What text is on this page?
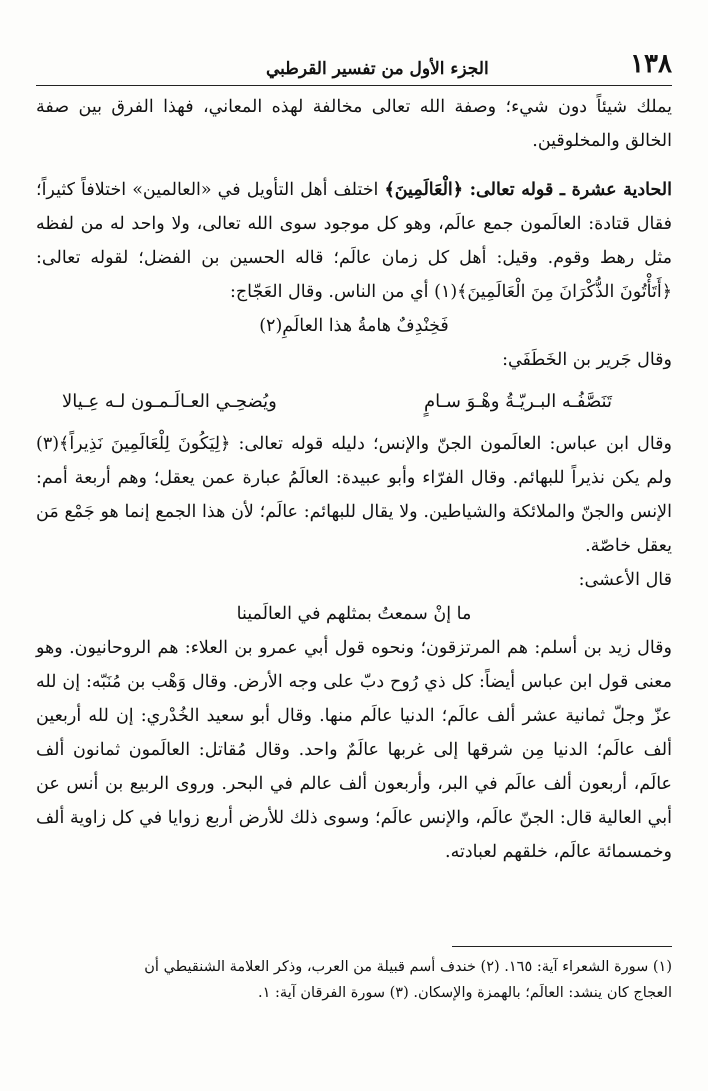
١٣٨
الجزء الأول من تفسير القرطبي

يملك شيئاً دون شيء؛ وصفة الله تعالى مخالفة لهذه المعاني، فهذا الفرق بين صفة الخالق والمخلوقين.

الحادية عشرة ـ قوله تعالى: ﴿الْعَالَمِينَ﴾ اختلف أهل التأويل في «العالمين» اختلافاً كثيراً؛ فقال قتادة: العالَمون جمع عالَم، وهو كل موجود سوى الله تعالى، ولا واحد له من لفظه مثل رهط وقوم. وقيل: أهل كل زمان عالَم؛ قاله الحسين بن الفضل؛ لقوله تعالى: ﴿أَتَأْتُونَ الذُّكْرَانَ مِنَ الْعَالَمِينَ﴾(١) أي من الناس. وقال العَجّاج:

فَخِنْدِفٌ هامةُ هذا العالَمِ(٢)

وقال جَرير بن الخَطَفَي:

تَنَصَّفُـه البـريّـةُ وهْـوَ سـامٍ
ويُضحِـي العـالَـمـون لـه عِـيالا

وقال ابن عباس: العالَمون الجنّ والإنس؛ دليله قوله تعالى: ﴿لِيَكُونَ لِلْعَالَمِينَ نَذِيراً﴾(٣) ولم يكن نذيراً للبهائم. وقال الفرّاء وأبو عبيدة: العالَمُ عبارة عمن يعقل؛ وهم أربعة أمم: الإنس والجنّ والملائكة والشياطين. ولا يقال للبهائم: عالَم؛ لأن هذا الجمع إنما هو جَمْع مَن يعقل خاصّة.

قال الأعشى:

ما إنْ سمعتُ بمثلهم في العالَمينا

وقال زيد بن أسلم: هم المرتزقون؛ ونحوه قول أبي عمرو بن العلاء: هم الروحانيون. وهو معنى قول ابن عباس أيضاً: كل ذي رُوح دبّ على وجه الأرض. وقال وَهْب بن مُنَبّه: إن لله عزّ وجلّ ثمانية عشر ألف عالَم؛ الدنيا عالَم منها. وقال أبو سعيد الخُدْري: إن لله أربعين ألف عالَم؛ الدنيا مِن شرقها إلى غربها عالَمٌ واحد. وقال مُقاتل: العالَمون ثمانون ألف عالَم، أربعون ألف عالَم في البر، وأربعون ألف عالم في البحر. وروى الربيع بن أنس عن أبي العالية قال: الجنّ عالَم، والإنس عالَم؛ وسوى ذلك للأرض أربع زوايا في كل زاوية ألف وخمسمائة عالَم، خلقهم لعبادته.

(١) سورة الشعراء آية: ١٦٥. (٢) خندف أسم قبيلة من العرب، وذكر العلامة الشنقيطي أن

العجاج كان ينشد: العالَم؛ بالهمزة والإسكان. (٣) سورة الفرقان آية: ١.
